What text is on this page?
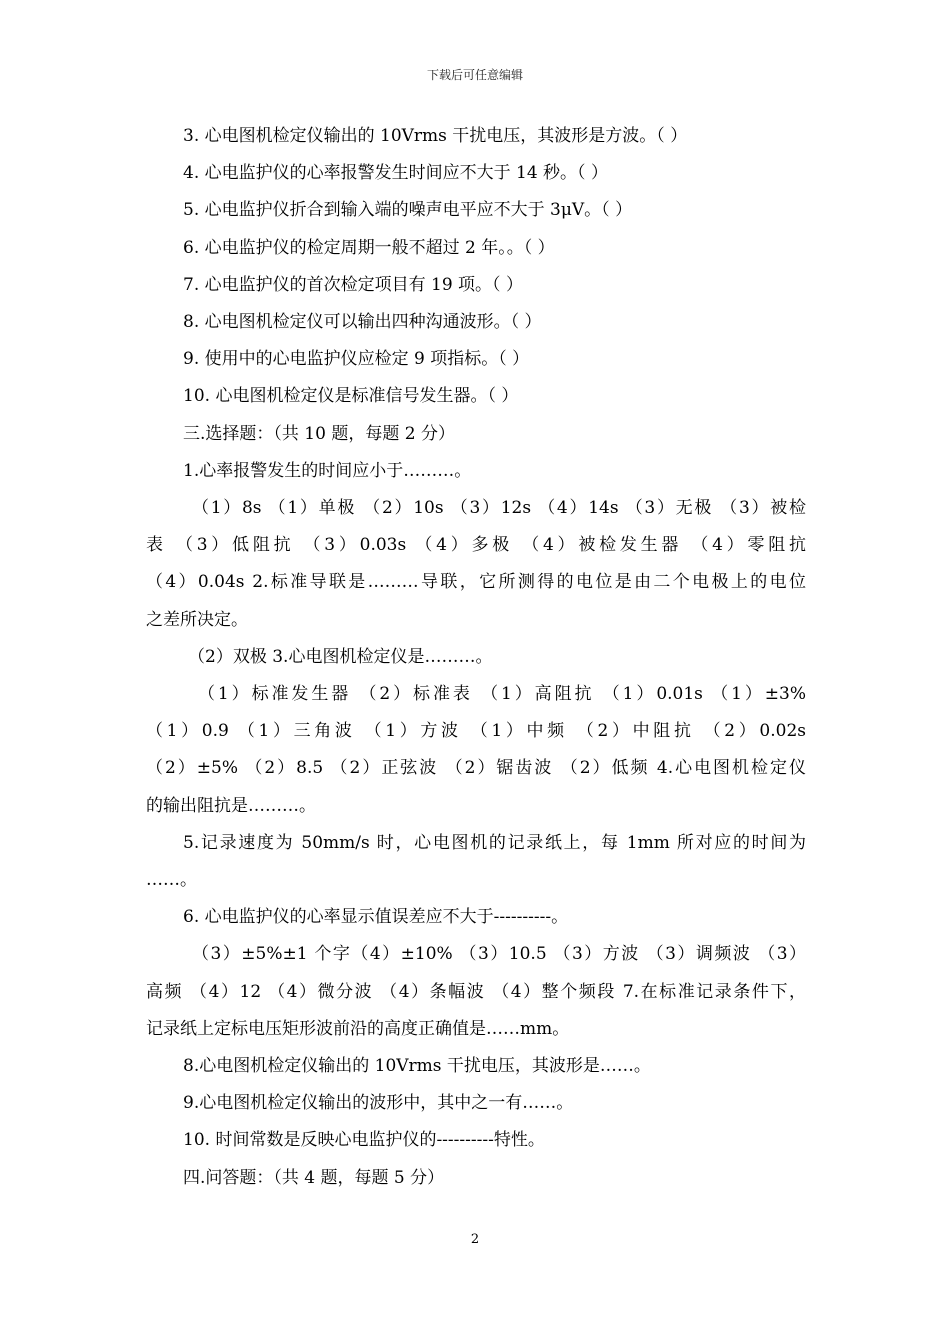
下载后可任意编辑
3. 心电图机检定仪输出的 10Vrms 干扰电压，其波形是方波。（ ）
4. 心电监护仪的心率报警发生时间应不大于 14 秒。（ ）
5. 心电监护仪折合到输入端的噪声电平应不大于 3μV。（ ）
6. 心电监护仪的检定周期一般不超过 2 年。。（ ）
7. 心电监护仪的首次检定项目有 19 项。（ ）
8. 心电图机检定仪可以输出四种沟通波形。（ ）
9. 使用中的心电监护仪应检定 9 项指标。（ ）
10. 心电图机检定仪是标准信号发生器。（ ）
三.选择题：（共 10 题，每题 2 分）
1.心率报警发生的时间应小于………。
（1）8s （1）单极 （2）10s （3）12s （4）14s （3）无极 （3）被检
表 （3）低阻抗 （3）0.03s （4）多极 （4）被检发生器 （4）零阻抗
（4）0.04s 2.标准导联是………导联，它所测得的电位是由二个电极上的电位
之差所决定。
（2）双极 3.心电图机检定仪是………。
（1）标准发生器 （2）标准表 （1）高阻抗 （1）0.01s （1）±3%
（1）0.9 （1）三角波 （1）方波 （1）中频 （2）中阻抗 （2）0.02s
（2）±5% （2）8.5 （2）正弦波 （2）锯齿波 （2）低频 4.心电图机检定仪
的输出阻抗是………。
5.记录速度为 50mm/s 时，心电图机的记录纸上，每 1mm 所对应的时间为
……。
6. 心电监护仪的心率显示值误差应不大于----------。
（3）±5%±1 个字（4）±10% （3）10.5 （3）方波 （3）调频波 （3）
高频 （4）12 （4）微分波 （4）条幅波 （4）整个频段 7.在标准记录条件下，
记录纸上定标电压矩形波前沿的高度正确值是……mm。
8.心电图机检定仪输出的 10Vrms 干扰电压，其波形是……。
9.心电图机检定仪输出的波形中，其中之一有……。
10. 时间常数是反映心电监护仪的----------特性。
四.问答题：（共 4 题，每题 5 分）
2
